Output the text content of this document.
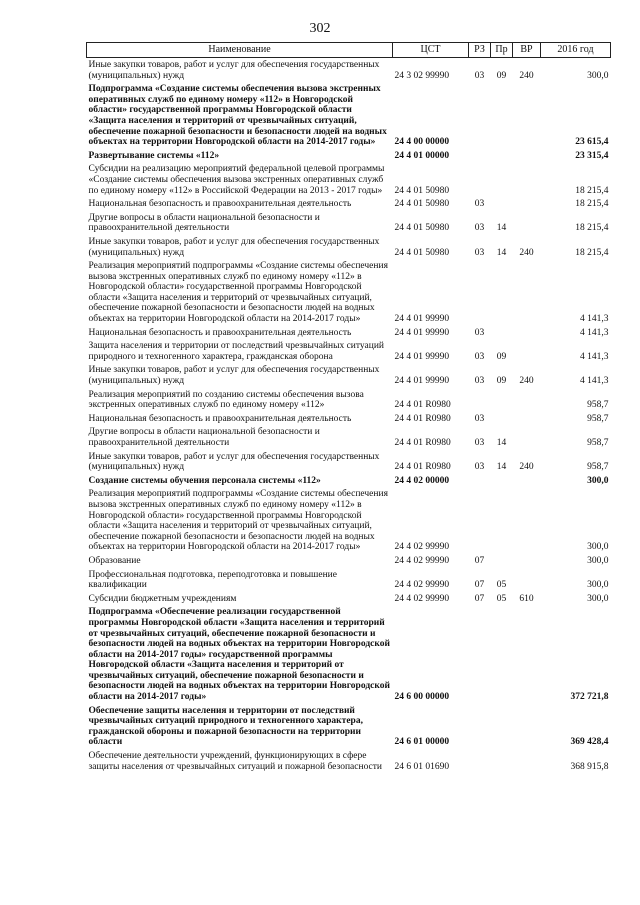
302
Наименование	ЦСТ	РЗ	Пр	ВР	2016 год
Иные закупки товаров, работ и услуг для обеспечения государственных (муниципальных) нужд	24 3 02 99990	03	09	240	300,0
Подпрограмма «Создание системы обеспечения вызова экстренных оперативных служб по единому номеру «112» в Новгородской области» государственной программы Новгородской области «Защита населения и территорий от чрезвычайных ситуаций, обеспечение пожарной безопасности и безопасности людей на водных объектах на территории Новгородской области на 2014-2017 годы»	24 4 00 00000				23 615,4
Развертывание системы «112»	24 4 01 00000				23 315,4
Субсидии на реализацию мероприятий федеральной целевой программы «Создание системы обеспечения вызова экстренных оперативных служб по единому номеру «112» в Российской Федерации на 2013 - 2017 годы»	24 4 01 50980				18 215,4
Национальная безопасность и правоохранительная деятельность	24 4 01 50980	03			18 215,4
Другие вопросы в области национальной безопасности и правоохранительной деятельности	24 4 01 50980	03	14		18 215,4
Иные закупки товаров, работ и услуг для обеспечения государственных (муниципальных) нужд	24 4 01 50980	03	14	240	18 215,4
Реализация мероприятий подпрограммы «Создание системы обеспечения вызова экстренных оперативных служб по единому номеру «112» в Новгородской области» государственной программы Новгородской области «Защита населения и территорий от чрезвычайных ситуаций, обеспечение пожарной безопасности и безопасности людей на водных объектах на территории Новгородской области на 2014-2017 годы»	24 4 01 99990				4 141,3
Национальная безопасность и правоохранительная деятельность	24 4 01 99990	03			4 141,3
Защита населения и территории от последствий чрезвычайных ситуаций природного и техногенного характера, гражданская оборона	24 4 01 99990	03	09		4 141,3
Иные закупки товаров, работ и услуг для обеспечения государственных (муниципальных) нужд	24 4 01 99990	03	09	240	4 141,3
Реализация мероприятий по созданию системы обеспечения вызова экстренных оперативных служб по единому номеру «112»	24 4 01 R0980				958,7
Национальная безопасность и правоохранительная деятельность	24 4 01 R0980	03			958,7
Другие вопросы в области национальной безопасности и правоохранительной деятельности	24 4 01 R0980	03	14		958,7
Иные закупки товаров, работ и услуг для обеспечения государственных (муниципальных) нужд	24 4 01 R0980	03	14	240	958,7
Создание системы обучения персонала системы «112»	24 4 02 00000				300,0
Реализация мероприятий подпрограммы «Создание системы обеспечения вызова экстренных оперативных служб по единому номеру «112» в Новгородской области» государственной программы Новгородской области «Защита населения и территорий от чрезвычайных ситуаций, обеспечение пожарной безопасности и безопасности людей на водных объектах на территории Новгородской области на 2014-2017 годы»	24 4 02 99990				300,0
Образование	24 4 02 99990	07			300,0
Профессиональная подготовка, переподготовка и повышение квалификации	24 4 02 99990	07	05		300,0
Субсидии бюджетным учреждениям	24 4 02 99990	07	05	610	300,0
Подпрограмма «Обеспечение реализации государственной программы Новгородской области «Защита населения и территорий от чрезвычайных ситуаций, обеспечение пожарной безопасности и безопасности людей на водных объектах на территории Новгородской области на 2014-2017 годы» государственной программы Новгородской области «Защита населения и территорий от чрезвычайных ситуаций, обеспечение пожарной безопасности и безопасности людей на водных объектах на территории Новгородской области на 2014-2017 годы»	24 6 00 00000				372 721,8
Обеспечение защиты населения и территории от последствий чрезвычайных ситуаций природного и техногенного характера, гражданской обороны и пожарной безопасности на территории области	24 6 01 00000				369 428,4
Обеспечение деятельности учреждений, функционирующих в сфере защиты населения от чрезвычайных ситуаций и пожарной безопасности	24 6 01 01690				368 915,8
